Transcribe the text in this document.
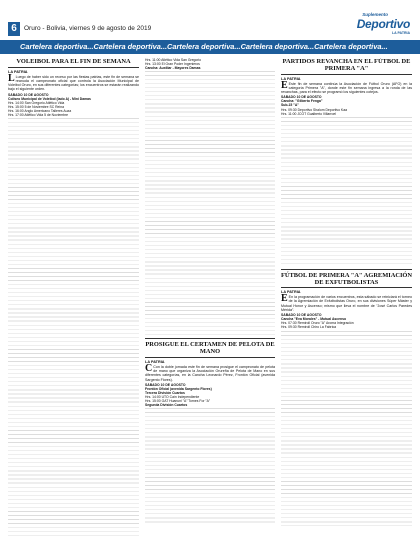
6	Oruro - Bolivia, viernes 9 de agosto de 2019
Suplemento
Deportivo
LA PATRIA
Cartelera deportiva...Cartelera deportiva...Cartelera deportiva...Cartelera deportiva...Cartelera deportiva...
VOLEIBOL PARA EL FIN DE SEMANA
LA PATRIA
L Luego de haber sido un receso por las fiestas patrias, este fin de semana se reanuda el campeonato oficial que controla la Asociación Municipal de Voleibol Oruro, en sus diferentes categorías; los encuentros se estarán realizando bajo el siguiente orden.
SÁBADO 10 DE AGOSTO
Coliseo Municipal de Voleibol (lado A) - Mini Damas
Hrs. 14:00 San Gregorio Atlético Vida
Hrs. 15:00 5 de Noviembre SC Reina
Hrs. 16:00 Anglo Americano Talleres Auza
Hrs. 17:00 Atlético Vida 5 de Noviembre
Hrs. 11:00 Atlético Vida San Gregorio
Hrs. 13:00 El Gran Poder Ingenieros
Cancha: Auxiliar - Mayores Damas
PROSIGUE EL CERTAMEN DE PELOTA DE MANO
LA PATRIA
C Con la doble jornada este fin de semana prosigue el campeonato de pelota de mano que organiza la Asociación Orureña de Pelota de Mano en sus diferentes categorías, en la Cancha Leonardo Pérez, Frontón Oficial (avenida Sargento Flores).
SÁBADO 10 DE AGOSTO
Frontón Oficial (avenida Sargento Flores)
Tercera División Cuartos
Hrs. 14:00 UTO Caín Independiente
Hrs. 15:00 GAT Huanuni "A" Tornes For "A"
Segunda División Cuartos
PARTIDOS REVANCHA EN EL FÚTBOL DE PRIMERA "A"
LA PATRIA
E Este fin de semana continúa la Asociación de Fútbol Oruro (AFO) en la categoría Primera "A", donde este fin semana ingresa a la ronda de las revanchas, para el efecto se programó los siguientes cotejos.
SÁBADO 10 DE AGOSTO
Cancha: "Gilberto Fenga"
Sub-15 "A"
Hrs. 09:30 Deportivo Shalom Deportivo Kaa
Hrs. 11:00 JCOT Gualberto Villarroel
FÚTBOL DE PRIMERA "A" AGREMIACIÓN DE EXFUTBOLISTAS
LA PATRIA
E En la programación de varios encuentros, esta sábado se reiniciará el torneo de la Agremiación de Exfutbolistas Oruro, en sus divisiones Súper Máster y Mutual Honor y Ascenso; mismo que lleva el nombre de "José Carlos Paredes Mérida".
SÁBADO 10 DE AGOSTO
Cancha "Eva Morales" - Mutual Ascenso
Hrs. 07:30 Remiroll Oruro "A" Aroma Integración
Hrs. 09:30 Remiroll Chiro La Fabrica
